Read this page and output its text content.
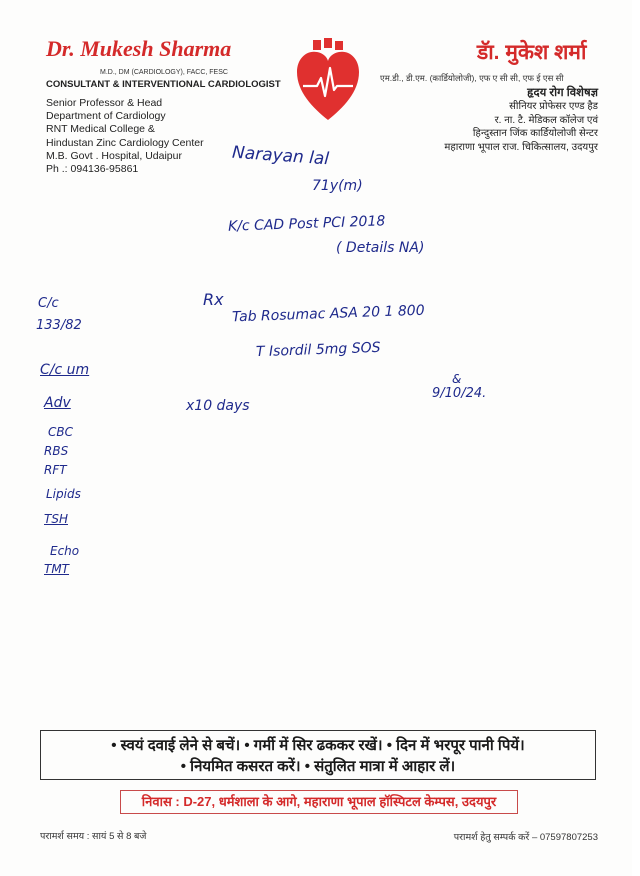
Dr. Mukesh Sharma
M.D., DM (CARDIOLOGY), FACC, FESC
CONSULTANT & INTERVENTIONAL CARDIOLOGIST
Senior Professor & Head
Department of Cardiology
RNT Medical College &
Hindustan Zinc Cardiology Center
M.B. Govt . Hospital, Udaipur
Ph .: 094136-95861
डॅा. मुकेश शर्मा
एम.डी., डी.एम. (कार्डियोलोजी), एफ ए सी सी, एफ ई एस सी
हृदय रोग विशेषज्ञ
सीनियर प्रोफेसर एण्ड हैड
र. ना. टै. मेडिकल कॉलेज एवं
हिन्दुस्तान जिंक कार्डियोलोजी सेन्टर
महाराणा भूपाल राज. चिकित्सालय, उदयपुर
Narayan lal
71y(m)
K/c CAD Post PCI 2018
( Details NA)
C/c
133/82
C/c um
Adv
CBC
RBS
RFT
Lipids
TSH
Echo
TMT
Rx
Tab Rosumac ASA 20 1 800
T Isordil 5mg SOS
&
9/10/24.
x10 days
• स्वयं दवाई लेने से बचें। • गर्मी में सिर ढककर रखें। • दिन में भरपूर पानी पियें।
• नियमित कसरत करें। • संतुलित मात्रा में आहार लें।
निवास : D-27, धर्मशाला के आगे, महाराणा भूपाल हॉस्पिटल केम्पस, उदयपुर
परामर्श समय : सायं 5 से 8 बजे	परामर्श हेतु सम्पर्क करें – 07597807253
